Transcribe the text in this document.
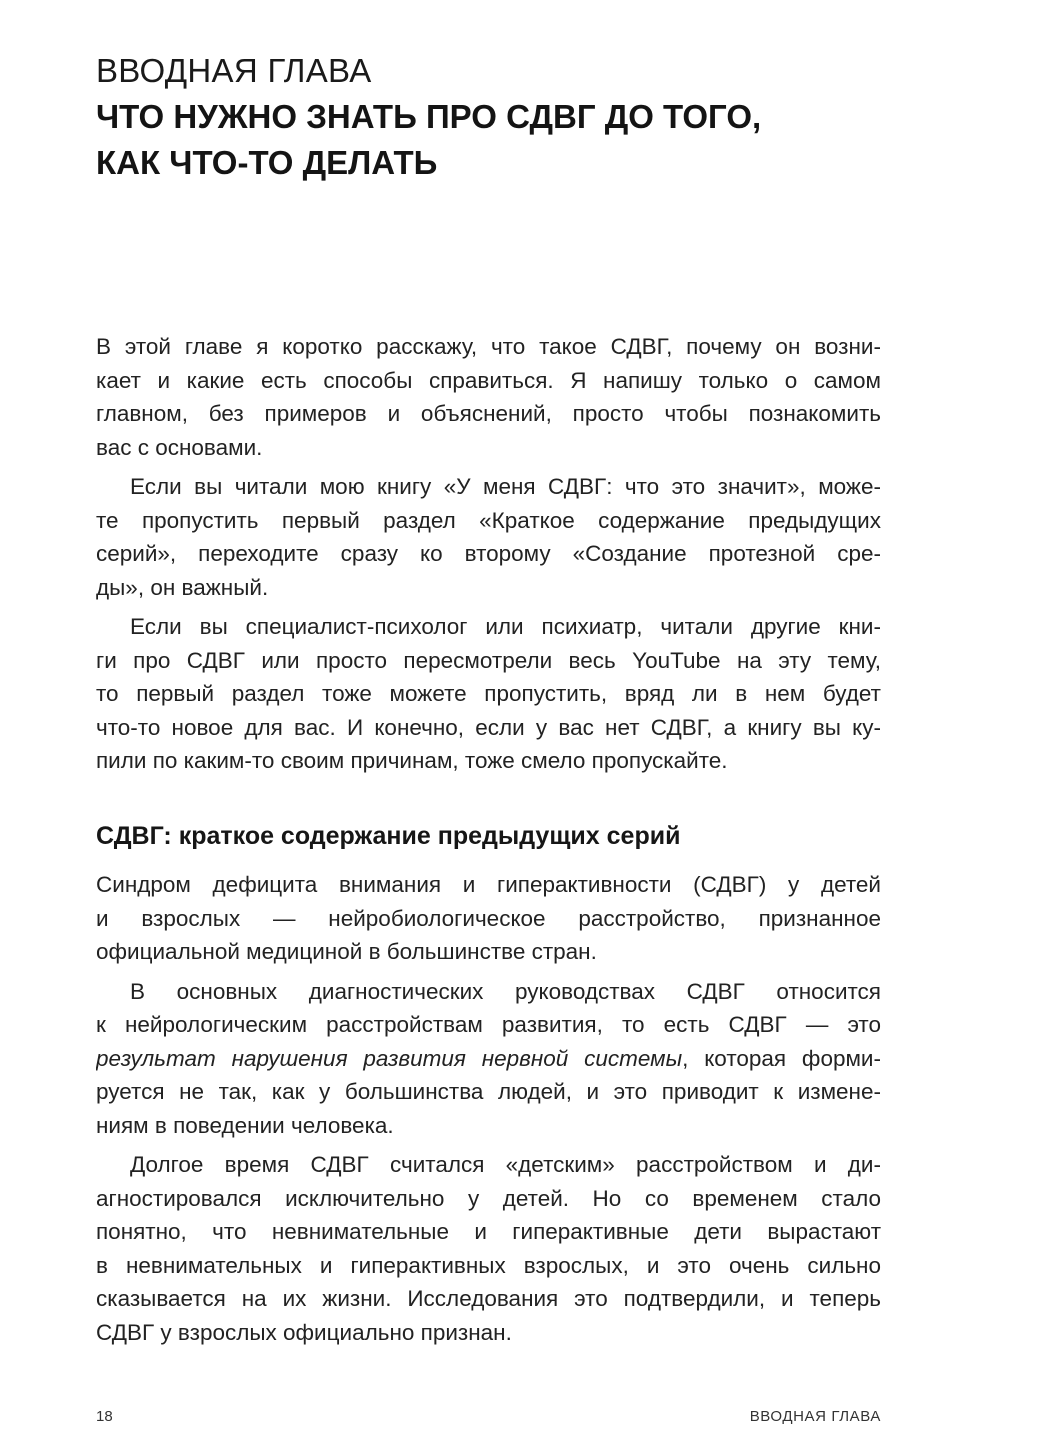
ВВОДНАЯ ГЛАВА
ЧТО НУЖНО ЗНАТЬ ПРО СДВГ ДО ТОГО,
КАК ЧТО-ТО ДЕЛАТЬ

В этой главе я коротко расскажу, что такое СДВГ, почему он возни-
кает и какие есть способы справиться. Я напишу только о самом
главном, без примеров и объяснений, просто чтобы познакомить
вас с основами.

Если вы читали мою книгу «У меня СДВГ: что это значит», може-
те пропустить первый раздел «Краткое содержание предыдущих
серий», переходите сразу ко второму «Создание протезной сре-
ды», он важный.

Если вы специалист-психолог или психиатр, читали другие кни-
ги про СДВГ или просто пересмотрели весь YouTube на эту тему,
то первый раздел тоже можете пропустить, вряд ли в нем будет
что-то новое для вас. И конечно, если у вас нет СДВГ, а книгу вы ку-
пили по каким-то своим причинам, тоже смело пропускайте.

СДВГ: краткое содержание предыдущих серий

Синдром дефицита внимания и гиперактивности (СДВГ) у детей
и взрослых — нейробиологическое расстройство, признанное
официальной медициной в большинстве стран.

В основных диагностических руководствах СДВГ относится
к нейрологическим расстройствам развития, то есть СДВГ — это
результат нарушения развития нервной системы, которая форми-
руется не так, как у большинства людей, и это приводит к измене-
ниям в поведении человека.

Долгое время СДВГ считался «детским» расстройством и ди-
агностировался исключительно у детей. Но со временем стало
понятно, что невнимательные и гиперактивные дети вырастают
в невнимательных и гиперактивных взрослых, и это очень сильно
сказывается на их жизни. Исследования это подтвердили, и теперь
СДВГ у взрослых официально признан.

18	ВВОДНАЯ ГЛАВА
